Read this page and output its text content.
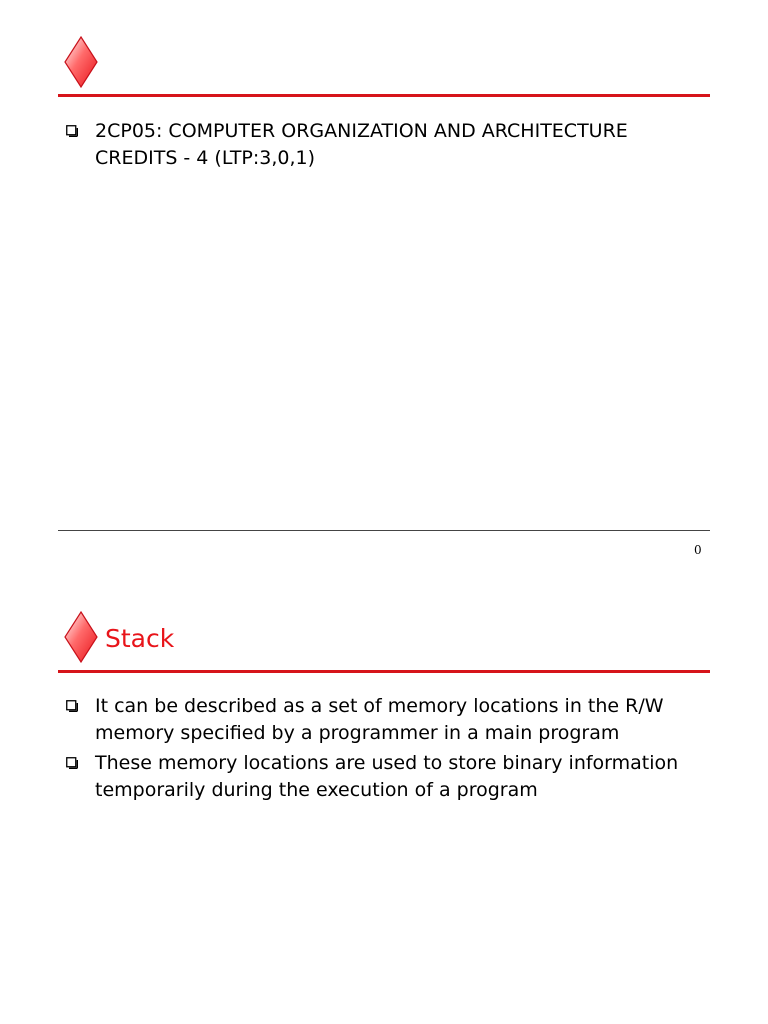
2CP05: COMPUTER ORGANIZATION AND ARCHITECTURE CREDITS - 4 (LTP:3,0,1)
0
Stack
It can be described as a set of memory locations in the R/W memory specified by a programmer in a main program
These memory locations are used to store binary information temporarily during the execution of a program
